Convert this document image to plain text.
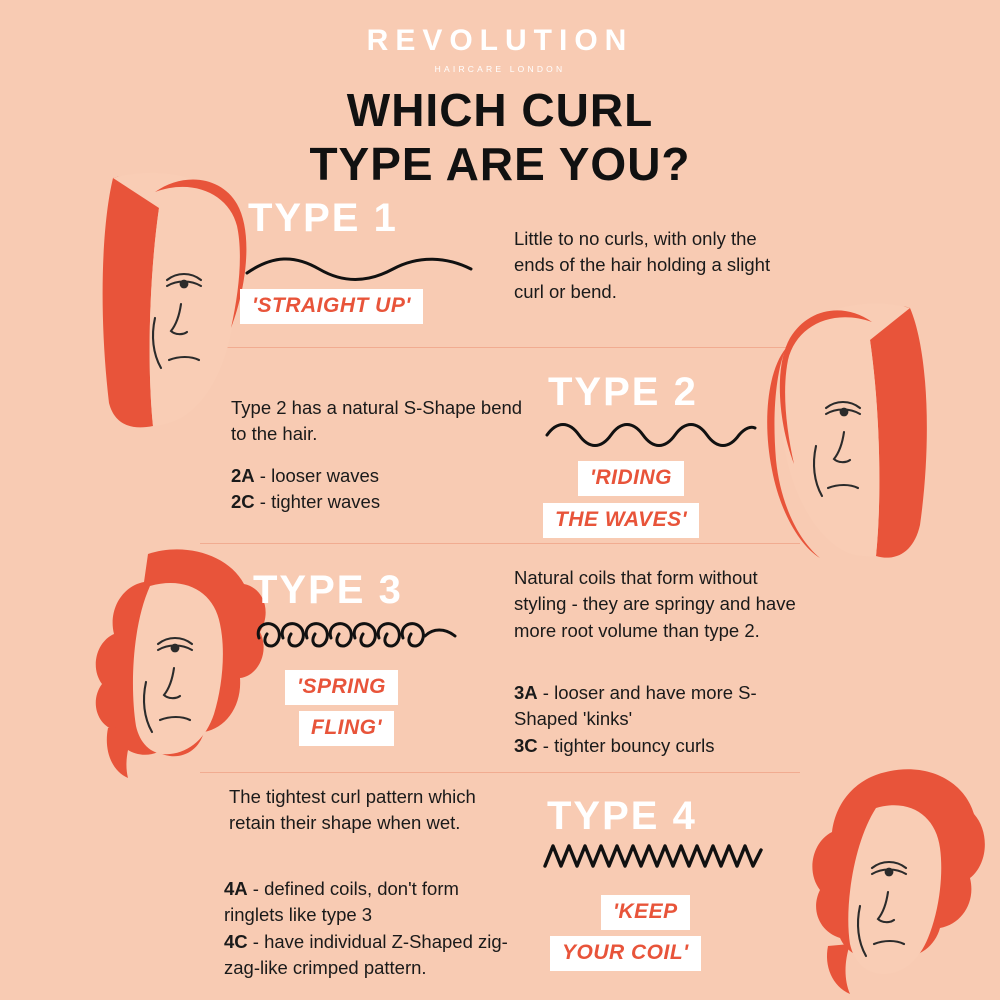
REVOLUTION
HAIRCARE LONDON
WHICH CURL
TYPE ARE YOU?
TYPE 1
'STRAIGHT UP'
Little to no curls, with only the ends of the hair holding a slight curl or bend.
TYPE 2
'RIDING
THE WAVES'
Type 2 has a natural S-Shape bend to the hair.
2A - looser waves
2C - tighter waves
TYPE 3
'SPRING
FLING'
Natural coils that form without styling - they are springy and have more root volume than type 2.
3A - looser and have more S-Shaped 'kinks'
3C - tighter bouncy curls
TYPE 4
'KEEP
YOUR COIL'
The tightest curl pattern which retain their shape when wet.
4A - defined coils, don't form ringlets like type 3
4C - have individual Z-Shaped zig-zag-like crimped pattern.
